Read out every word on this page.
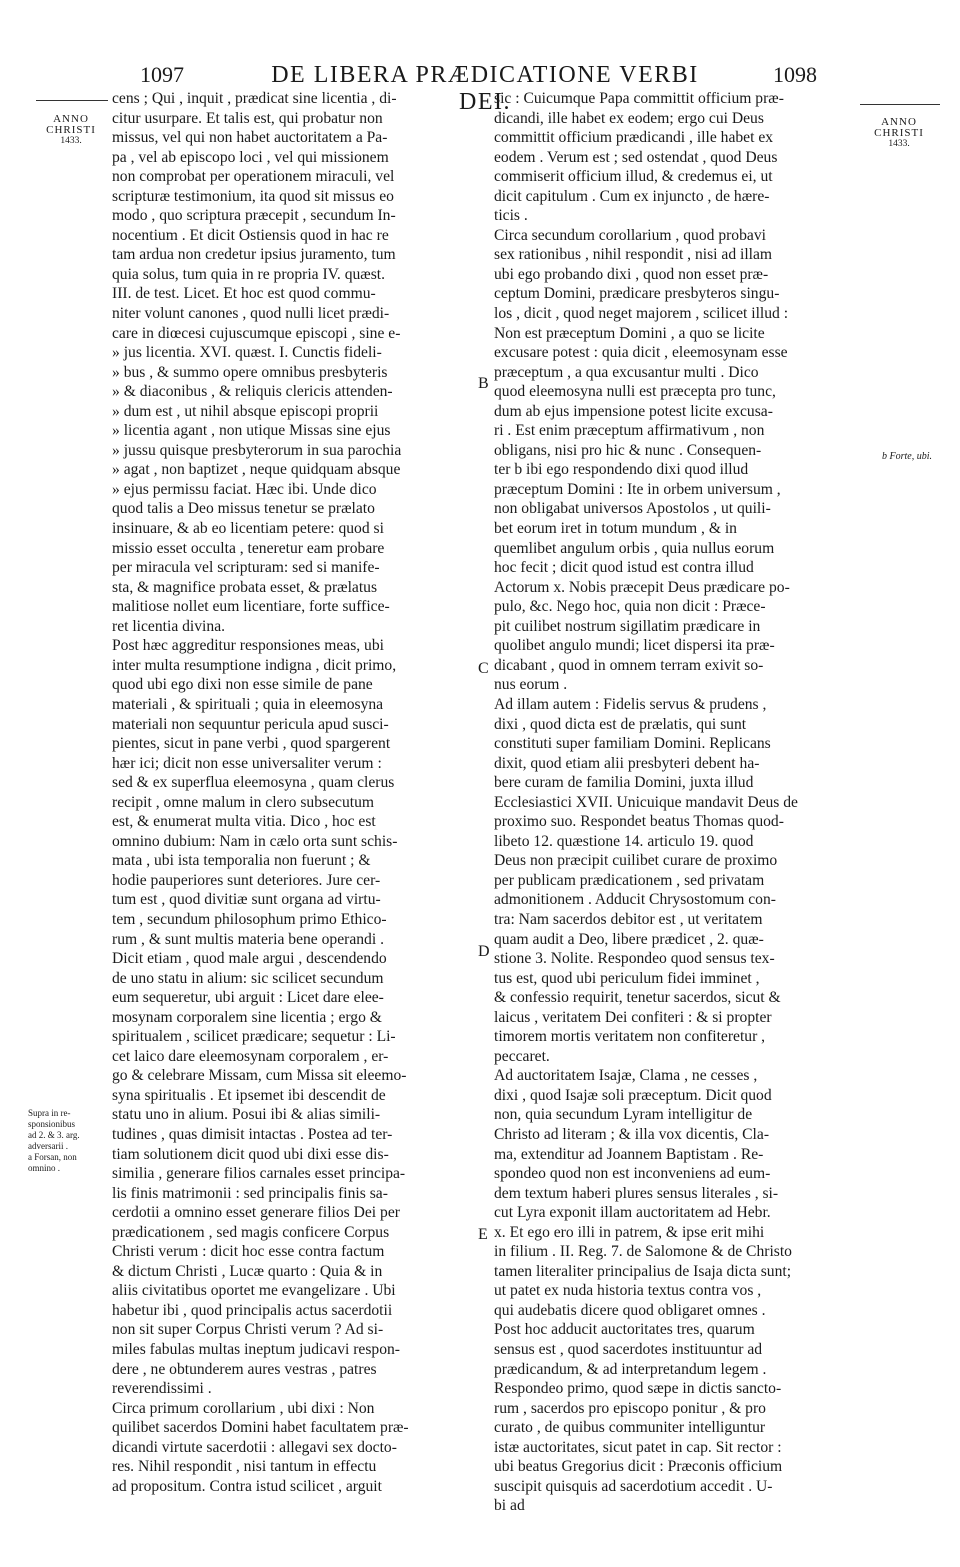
1097	DE LIBERA PRÆDICATIONE VERBI DEI.
1098
ANNO
CHRISTI
1433.
ANNO
CHRISTI
1433.
cens ; Qui , inquit , prædicat sine licentia , di-
citur usurpare. Et talis est, qui probatur non
missus, vel qui non habet auctoritatem a Pa-
pa , vel ab episcopo loci , vel qui missionem
non comprobat per operationem miraculi, vel
scripturæ testimonium, ita quod sit missus eo
modo , quo scriptura præcepit , secundum In-
nocentium . Et dicit Ostiensis quod in hac re
tam ardua non credetur ipsius juramento, tum
quia solus, tum quia in re propria IV. quæst.
III. de test. Licet. Et hoc est quod commu-
niter volunt canones , quod nulli licet prædi-
care in diœcesi cujuscumque episcopi , sine e-
» jus licentia. XVI. quæst. I. Cunctis fideli-
» bus , & summo opere omnibus presbyteris
» & diaconibus , & reliquis clericis attenden-
» dum est , ut nihil absque episcopi proprii
» licentia agant , non utique Missas sine ejus
» jussu quisque presbyterorum in sua parochia
» agat , non baptizet , neque quidquam absque
» ejus permissu faciat. Hæc ibi. Unde dico
quod talis a Deo missus tenetur se prælato
insinuare, & ab eo licentiam petere: quod si
missio esset occulta , teneretur eam probare
per miracula vel scripturam: sed si manife-
sta, & magnifice probata esset, & prælatus
malitiose nollet eum licentiare, forte suffice-
ret licentia divina.
Post hæc aggreditur responsiones meas, ubi
inter multa resumptione indigna , dicit primo,
quod ubi ego dixi non esse simile de pane
materiali , & spirituali ; quia in eleemosyna
materiali non sequuntur pericula apud susci-
pientes, sicut in pane verbi , quod spargerent
hær ici; dicit non esse universaliter verum :
sed & ex superflua eleemosyna , quam clerus
recipit , omne malum in clero subsecutum
est, & enumerat multa vitia. Dico , hoc est
omnino dubium: Nam in cælo orta sunt schis-
mata , ubi ista temporalia non fuerunt ; &
hodie pauperiores sunt deteriores. Jure cer-
tum est , quod divitiæ sunt organa ad virtu-
tem , secundum philosophum primo Ethico-
rum , & sunt multis materia bene operandi .
Dicit etiam , quod male argui , descendendo
de uno statu in alium: sic scilicet secundum
eum sequeretur, ubi arguit : Licet dare elee-
mosynam corporalem sine licentia ; ergo &
spiritualem , scilicet prædicare; sequetur : Li-
cet laico dare eleemosynam corporalem , er-
go & celebrare Missam, cum Missa sit eleemo-
syna spiritualis . Et ipsemet ibi descendit de
statu uno in alium. Posui ibi & alias simili-
tudines , quas dimisit intactas . Postea ad ter-
tiam solutionem dicit quod ubi dixi esse dis-
similia , generare filios carnales esset principa-
lis finis matrimonii : sed principalis finis sa-
cerdotii a omnino esset generare filios Dei per
prædicationem , sed magis conficere Corpus
Christi verum : dicit hoc esse contra factum
& dictum Christi , Lucæ quarto : Quia & in
aliis civitatibus oportet me evangelizare . Ubi
habetur ibi , quod principalis actus sacerdotii
non sit super Corpus Christi verum ? Ad si-
miles fabulas multas ineptum judicavi respon-
dere , ne obtunderem aures vestras , patres
reverendissimi .
Circa primum corollarium , ubi dixi : Non
quilibet sacerdos Domini habet facultatem præ-
dicandi virtute sacerdotii : allegavi sex docto-
res. Nihil respondit , nisi tantum in effectu
ad propositum. Contra istud scilicet , arguit
sic : Cuicumque Papa committit officium præ-
dicandi, ille habet ex eodem; ergo cui Deus
committit officium prædicandi , ille habet ex
eodem . Verum est ; sed ostendat , quod Deus
commiserit officium illud, & credemus ei, ut
dicit capitulum . Cum ex injuncto , de hære-
ticis .
Circa secundum corollarium , quod probavi
sex rationibus , nihil respondit , nisi ad illam
ubi ego probando dixi , quod non esset præ-
ceptum Domini, prædicare presbyteros singu-
los , dicit , quod neget majorem , scilicet illud :
Non est præceptum Domini , a quo se licite
excusare potest : quia dicit , eleemosynam esse
præceptum , a qua excusantur multi . Dico
quod eleemosyna nulli est præcepta pro tunc,
dum ab ejus impensione potest licite excusa-
ri . Est enim præceptum affirmativum , non
obligans, nisi pro hic & nunc . Consequen-
ter b ibi ego respondendo dixi quod illud
præceptum Domini : Ite in orbem universum ,
non obligabat universos Apostolos , ut quili-
bet eorum iret in totum mundum , & in
quemlibet angulum orbis , quia nullus eorum
hoc fecit ; dicit quod istud est contra illud
Actorum x. Nobis præcepit Deus prædicare po-
pulo, &c. Nego hoc, quia non dicit : Præce-
pit cuilibet nostrum sigillatim prædicare in
quolibet angulo mundi; licet dispersi ita præ-
dicabant , quod in omnem terram exivit so-
nus eorum .
Ad illam autem : Fidelis servus & prudens ,
dixi , quod dicta est de prælatis, qui sunt
constituti super familiam Domini. Replicans
dixit, quod etiam alii presbyteri debent ha-
bere curam de familia Domini, juxta illud
Ecclesiastici XVII. Unicuique mandavit Deus de
proximo suo. Respondet beatus Thomas quod-
libeto 12. quæstione 14. articulo 19. quod
Deus non præcipit cuilibet curare de proximo
per publicam prædicationem , sed privatam
admonitionem . Adducit Chrysostomum con-
tra: Nam sacerdos debitor est , ut veritatem
quam audit a Deo, libere prædicet , 2. quæ-
stione 3. Nolite. Respondeo quod sensus tex-
tus est, quod ubi periculum fidei imminet ,
& confessio requirit, tenetur sacerdos, sicut &
laicus , veritatem Dei confiteri : & si propter
timorem mortis veritatem non confiteretur ,
peccaret.
Ad auctoritatem Isajæ, Clama , ne cesses ,
dixi , quod Isajæ soli præceptum. Dicit quod
non, quia secundum Lyram intelligitur de
Christo ad literam ; & illa vox dicentis, Cla-
ma, extenditur ad Joannem Baptistam . Re-
spondeo quod non est inconveniens ad eum-
dem textum haberi plures sensus literales , si-
cut Lyra exponit illam auctoritatem ad Hebr.
x. Et ego ero illi in patrem, & ipse erit mihi
in filium . II. Reg. 7. de Salomone & de Christo
tamen literaliter principalius de Isaja dicta sunt;
ut patet ex nuda historia textus contra vos ,
qui audebatis dicere quod obligaret omnes .
Post hoc adducit auctoritates tres, quarum
sensus est , quod sacerdotes instituuntur ad
prædicandum, & ad interpretandum legem .
Respondeo primo, quod sæpe in dictis sancto-
rum , sacerdos pro episcopo ponitur , & pro
curato , de quibus communiter intelliguntur
istæ auctoritates, sicut patet in cap. Sit rector :
ubi beatus Gregorius dicit : Præconis officium
suscipit quisquis ad sacerdotium accedit . U-
bi ad
B
C
D
E
Supra in re-
sponsionibus
ad 2. & 3. arg.
adversarii .
a Forsan, non
omnino .
b Forte, ubi.
